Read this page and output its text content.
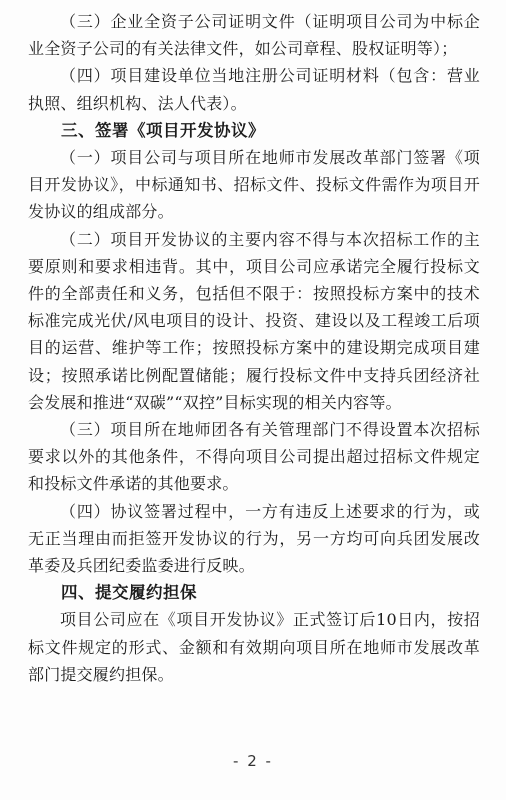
（三）企业全资子公司证明文件（证明项目公司为中标企业全资子公司的有关法律文件，如公司章程、股权证明等）；

（四）项目建设单位当地注册公司证明材料（包含：营业执照、组织机构、法人代表）。

三、签署《项目开发协议》

（一）项目公司与项目所在地师市发展改革部门签署《项目开发协议》，中标通知书、招标文件、投标文件需作为项目开发协议的组成部分。

（二）项目开发协议的主要内容不得与本次招标工作的主要原则和要求相违背。其中，项目公司应承诺完全履行投标文件的全部责任和义务，包括但不限于：按照投标方案中的技术标准完成光伏/风电项目的设计、投资、建设以及工程竣工后项目的运营、维护等工作；按照投标方案中的建设期完成项目建设；按照承诺比例配置储能；履行投标文件中支持兵团经济社会发展和推进“双碳”“双控”目标实现的相关内容等。

（三）项目所在地师团各有关管理部门不得设置本次招标要求以外的其他条件，不得向项目公司提出超过招标文件规定和投标文件承诺的其他要求。

（四）协议签署过程中，一方有违反上述要求的行为，或无正当理由而拒签开发协议的行为，另一方均可向兵团发展改革委及兵团纪委监委进行反映。

四、提交履约担保

项目公司应在《项目开发协议》正式签订后10日内，按招标文件规定的形式、金额和有效期向项目所在地师市发展改革部门提交履约担保。

- 2 -
